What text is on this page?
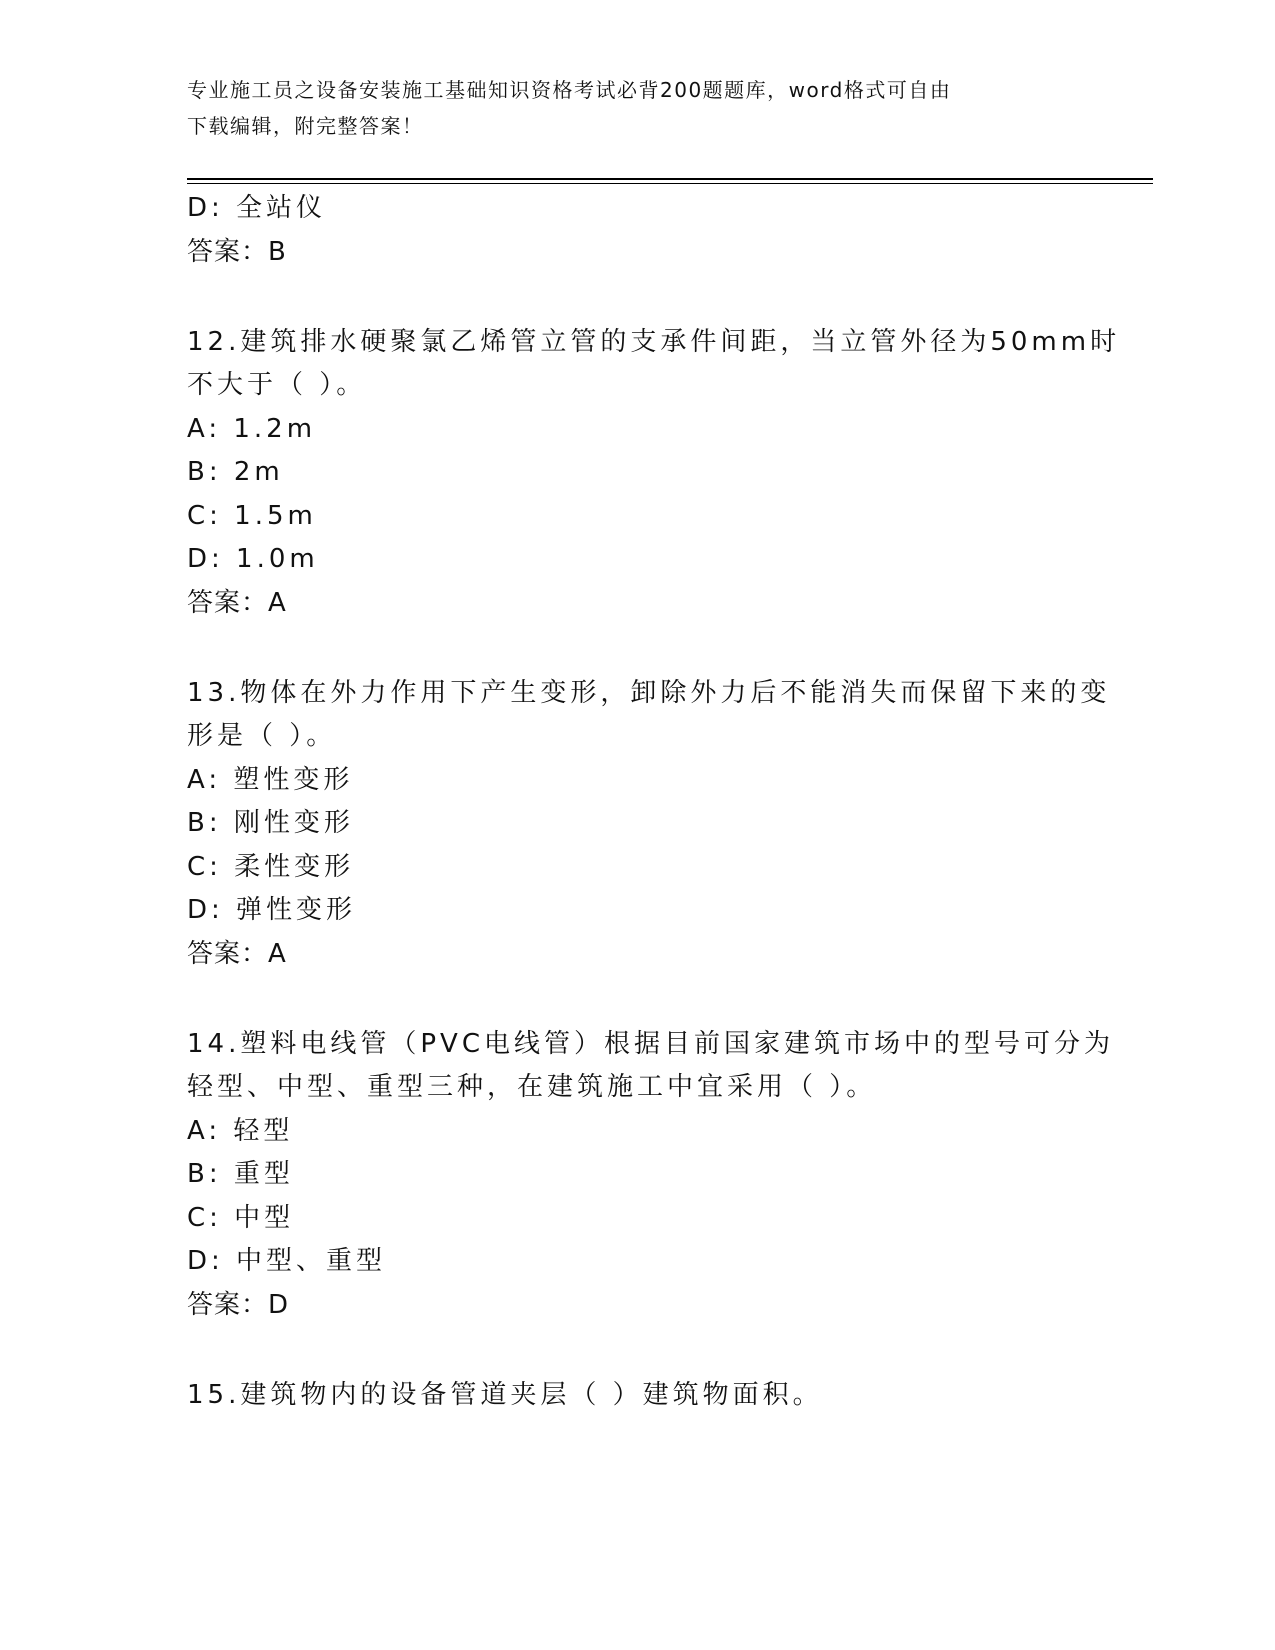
专业施工员之设备安装施工基础知识资格考试必背200题题库，word格式可自由
下载编辑，附完整答案！
D: 全站仪
答案：B
12.建筑排水硬聚氯乙烯管立管的支承件间距，当立管外径为50mm时
不大于（ ）。
A: 1.2m
B: 2m
C: 1.5m
D: 1.0m
答案：A
13.物体在外力作用下产生变形，卸除外力后不能消失而保留下来的变
形是（ ）。
A: 塑性变形
B: 刚性变形
C: 柔性变形
D: 弹性变形
答案：A
14.塑料电线管（PVC电线管）根据目前国家建筑市场中的型号可分为
轻型、中型、重型三种，在建筑施工中宜采用（ ）。
A: 轻型
B: 重型
C: 中型
D: 中型、重型
答案：D
15.建筑物内的设备管道夹层（ ）建筑物面积。
